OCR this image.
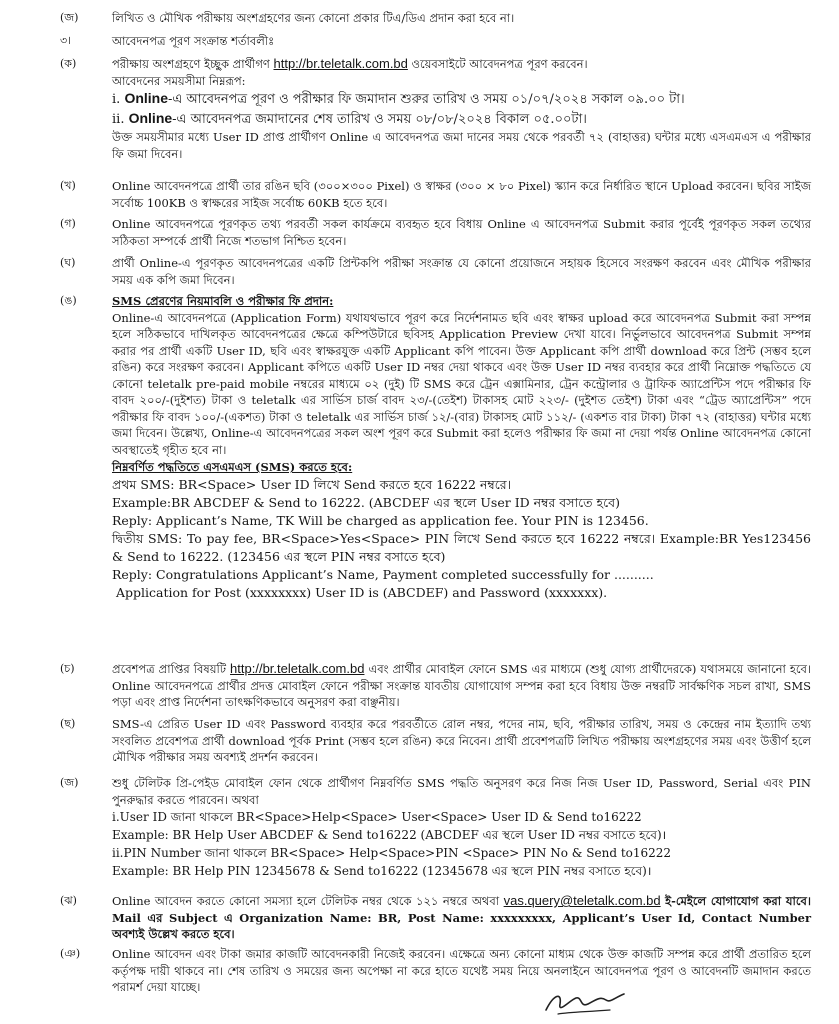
(জ)	লিখিত ও মৌখিক পরীক্ষায় অংশগ্রহণের জন্য কোনো প্রকার টিএ/ডিএ প্রদান করা হবে না।

৩।	আবেদনপত্র পূরণ সংক্রান্ত শর্তাবলীঃ

(ক)	পরীক্ষায় অংশগ্রহণে ইচ্ছুক প্রার্থীগণ http://br.teletalk.com.bd ওয়েবসাইটে আবেদনপত্র পূরণ করবেন।

আবেদনের সময়সীমা নিম্নরূপ:

i. Online-এ আবেদনপত্র পূরণ ও পরীক্ষার ফি জমাদান শুরুর তারিখ ও সময় ০১/০৭/২০২৪ সকাল ০৯.০০ টা।

ii. Online-এ আবেদনপত্র জমাদানের শেষ তারিখ ও সময় ০৮/০৮/২০২৪ বিকাল ০৫.০০টা।

উক্ত সময়সীমার মধ্যে User ID প্রাপ্ত প্রার্থীগণ Online এ আবেদনপত্র জমা দানের সময় থেকে পরবর্তী ৭২ (বাহাত্তর) ঘন্টার মধ্যে এসএমএস এ পরীক্ষার ফি জমা দিবেন।

(খ)	Online আবেদনপত্রে প্রার্থী তার রঙিন ছবি (৩০০×৩০০ Pixel) ও স্বাক্ষর (৩০০ × ৮০ Pixel) স্ক্যান করে নির্ধারিত স্থানে Upload করবেন। ছবির সাইজ সর্বোচ্চ 100KB ও স্বাক্ষরের সাইজ সর্বোচ্চ 60KB হতে হবে।

(গ)	Online আবেদনপত্রে পূরণকৃত তথ্য পরবর্তী সকল কার্যক্রমে ব্যবহৃত হবে বিধায় Online এ আবেদনপত্র Submit করার পূর্বেই পূরণকৃত সকল তথ্যের সঠিকতা সম্পর্কে প্রার্থী নিজে শতভাগ নিশ্চিত হবেন।

(ঘ)	প্রার্থী Online-এ পূরণকৃত আবেদনপত্রের একটি প্রিন্টকপি পরীক্ষা সংক্রান্ত যে কোনো প্রয়োজনে সহায়ক হিসেবে সংরক্ষণ করবেন এবং মৌখিক পরীক্ষার সময় এক কপি জমা দিবেন।

(ঙ)	SMS প্রেরণের নিয়মাবলি ও পরীক্ষার ফি প্রদান:

Online-এ আবেদনপত্রে (Application Form) যথাযথভাবে পূরণ করে নির্দেশনামত ছবি এবং স্বাক্ষর upload করে আবেদনপত্র Submit করা সম্পন্ন হলে সঠিকভাবে দাখিলকৃত আবেদনপত্রের ক্ষেত্রে কম্পিউটারে ছবিসহ Application Preview দেখা যাবে। নির্ভুলভাবে আবেদনপত্র Submit সম্পন্ন করার পর প্রার্থী একটি User ID, ছবি এবং স্বাক্ষরযুক্ত একটি Applicant কপি পাবেন। উক্ত Applicant কপি প্রার্থী download করে প্রিন্ট (সম্ভব হলে রঙিন) করে সংরক্ষণ করবেন। Applicant কপিতে একটি User ID নম্বর দেয়া থাকবে এবং উক্ত User ID নম্বর ব্যবহার করে প্রার্থী নিম্নোক্ত পদ্ধতিতে যে কোনো teletalk pre-paid mobile নম্বরের মাধ্যমে ০২ (দুই) টি SMS করে ট্রেন এক্সামিনার, ট্রেন কন্ট্রোলার ও ট্রাফিক অ্যাপ্রেন্টিস পদে পরীক্ষার ফি বাবদ ২০০/-(দুইশত) টাকা ও teletalk এর সার্ভিস চার্জ বাবদ ২৩/-(তেইশ) টাকাসহ মোট ২২৩/- (দুইশত তেইশ) টাকা এবং “ট্রেড অ্যাপ্রেন্টিস” পদে পরীক্ষার ফি বাবদ ১০০/-(একশত) টাকা ও teletalk এর সার্ভিস চার্জ ১২/-(বার) টাকাসহ মোট ১১২/- (একশত বার টাকা) টাকা ৭২ (বাহাত্তর) ঘন্টার মধ্যে জমা দিবেন। উল্লেখ্য, Online-এ আবেদনপত্রের সকল অংশ পূরণ করে Submit করা হলেও পরীক্ষার ফি জমা না দেয়া পর্যন্ত Online আবেদনপত্র কোনো অবস্থাতেই গৃহীত হবে না।

নিম্নবর্ণিত পদ্ধতিতে এসএমএস (SMS) করতে হবে:

প্রথম SMS: BR<Space> User ID লিখে Send করতে হবে 16222 নম্বরে।

Example:BR ABCDEF & Send to 16222. (ABCDEF এর স্থলে User ID নম্বর বসাতে হবে)

Reply: Applicant’s Name, TK Will be charged as application fee. Your PIN is 123456.

দ্বিতীয় SMS: To pay fee, BR<Space>Yes<Space> PIN লিখে Send করতে হবে 16222 নম্বরে। Example:BR Yes123456 & Send to 16222. (123456 এর স্থলে PIN নম্বর বসাতে হবে)

Reply: Congratulations Applicant’s Name, Payment completed successfully for ..........

Application for Post (xxxxxxxx) User ID is (ABCDEF) and Password (xxxxxxx).

(চ)	প্রবেশপত্র প্রাপ্তির বিষয়টি http://br.teletalk.com.bd এবং প্রার্থীর মোবাইল ফোনে SMS এর মাধ্যমে (শুধু যোগ্য প্রার্থীদেরকে) যথাসময়ে জানানো হবে। Online আবেদনপত্রে প্রার্থীর প্রদত্ত মোবাইল ফোনে পরীক্ষা সংক্রান্ত যাবতীয় যোগাযোগ সম্পন্ন করা হবে বিধায় উক্ত নম্বরটি সার্বক্ষণিক সচল রাখা, SMS পড়া এবং প্রাপ্ত নির্দেশনা তাৎক্ষণিকভাবে অনুসরণ করা বাঞ্ছনীয়।

(ছ)	SMS-এ প্রেরিত User ID এবং Password ব্যবহার করে পরবর্তীতে রোল নম্বর, পদের নাম, ছবি, পরীক্ষার তারিখ, সময় ও কেন্দ্রের নাম ইত্যাদি তথ্য সংবলিত প্রবেশপত্র প্রার্থী download পূর্বক Print (সম্ভব হলে রঙিন) করে নিবেন। প্রার্থী প্রবেশপত্রটি লিখিত পরীক্ষায় অংশগ্রহণের সময় এবং উত্তীর্ণ হলে মৌখিক পরীক্ষার সময় অবশ্যই প্রদর্শন করবেন।

(জ)	শুধু টেলিটক প্রি-পেইড মোবাইল ফোন থেকে প্রার্থীগণ নিম্নবর্ণিত SMS পদ্ধতি অনুসরণ করে নিজ নিজ User ID, Password, Serial এবং PIN পুনরুদ্ধার করতে পারবেন। অথবা

i.User ID জানা থাকলে BR<Space>Help<Space> User<Space> User ID & Send to16222

Example: BR Help User ABCDEF & Send to16222 (ABCDEF এর স্থলে User ID নম্বর বসাতে হবে)।

ii.PIN Number জানা থাকলে BR<Space> Help<Space>PIN <Space> PIN No & Send to16222

Example: BR Help PIN 12345678 & Send to16222 (12345678 এর স্থলে PIN নম্বর বসাতে হবে)।

(ঝ)	Online আবেদন করতে কোনো সমস্যা হলে টেলিটক নম্বর থেকে ১২১ নম্বরে অথবা vas.query@teletalk.com.bd ই-মেইলে যোগাযোগ করা যাবে। Mail এর Subject এ Organization Name: BR, Post Name: xxxxxxxxx, Applicant’s User Id, Contact Number অবশ্যই উল্লেখ করতে হবে।

(ঞ)	Online আবেদন এবং টাকা জমার কাজটি আবেদনকারী নিজেই করবেন। এক্ষেত্রে অন্য কোনো মাধ্যম থেকে উক্ত কাজটি সম্পন্ন করে প্রার্থী প্রতারিত হলে কর্তৃপক্ষ দায়ী থাকবে না। শেষ তারিখ ও সময়ের জন্য অপেক্ষা না করে হাতে যথেষ্ট সময় নিয়ে অনলাইনে আবেদনপত্র পূরণ ও আবেদনটি জমাদান করতে পরামর্শ দেয়া যাচ্ছে।
